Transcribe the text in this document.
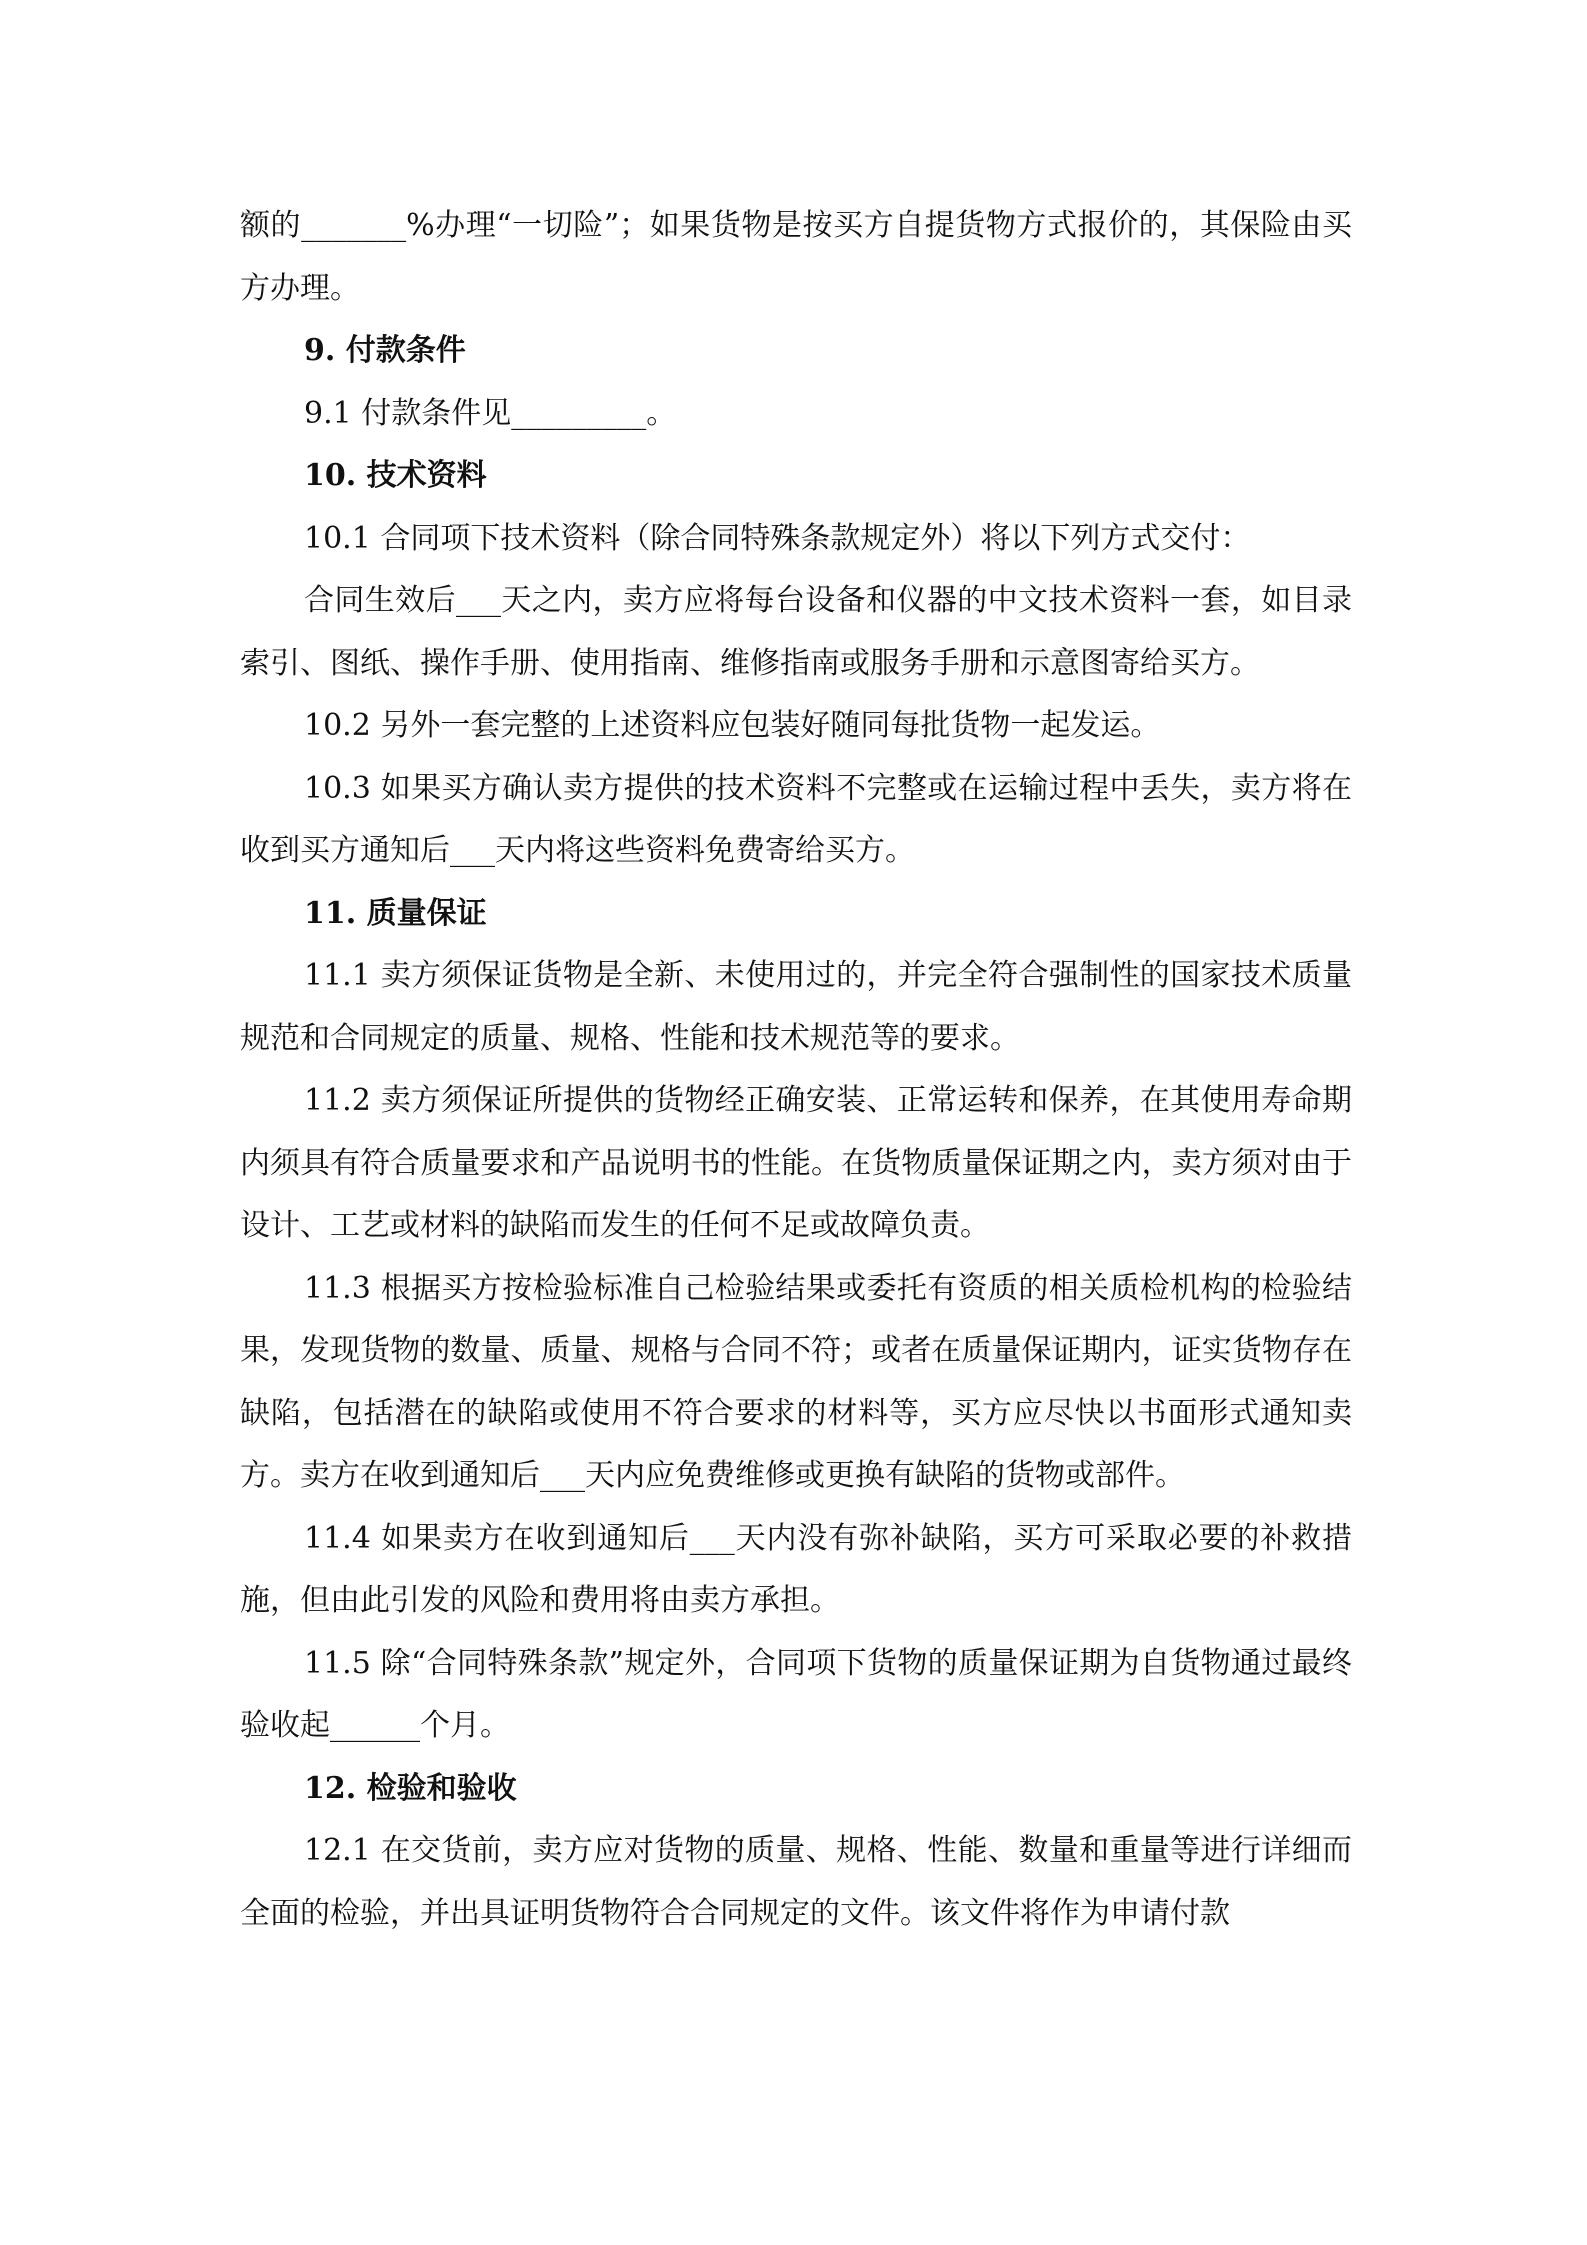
额的_______%办理“一切险”；如果货物是按买方自提货物方式报价的，其保险由买方办理。

9. 付款条件

9.1 付款条件见_________。

10. 技术资料

10.1 合同项下技术资料（除合同特殊条款规定外）将以下列方式交付：

合同生效后___天之内，卖方应将每台设备和仪器的中文技术资料一套，如目录索引、图纸、操作手册、使用指南、维修指南或服务手册和示意图寄给买方。

10.2 另外一套完整的上述资料应包装好随同每批货物一起发运。

10.3 如果买方确认卖方提供的技术资料不完整或在运输过程中丢失，卖方将在收到买方通知后___天内将这些资料免费寄给买方。

11. 质量保证

11.1 卖方须保证货物是全新、未使用过的，并完全符合强制性的国家技术质量规范和合同规定的质量、规格、性能和技术规范等的要求。

11.2 卖方须保证所提供的货物经正确安装、正常运转和保养，在其使用寿命期内须具有符合质量要求和产品说明书的性能。在货物质量保证期之内，卖方须对由于设计、工艺或材料的缺陷而发生的任何不足或故障负责。

11.3 根据买方按检验标准自己检验结果或委托有资质的相关质检机构的检验结果，发现货物的数量、质量、规格与合同不符；或者在质量保证期内，证实货物存在缺陷，包括潜在的缺陷或使用不符合要求的材料等，买方应尽快以书面形式通知卖方。卖方在收到通知后___天内应免费维修或更换有缺陷的货物或部件。

11.4 如果卖方在收到通知后___天内没有弥补缺陷，买方可采取必要的补救措施，但由此引发的风险和费用将由卖方承担。

11.5 除“合同特殊条款”规定外，合同项下货物的质量保证期为自货物通过最终验收起______个月。

12. 检验和验收

12.1 在交货前，卖方应对货物的质量、规格、性能、数量和重量等进行详细而全面的检验，并出具证明货物符合合同规定的文件。该文件将作为申请付款
